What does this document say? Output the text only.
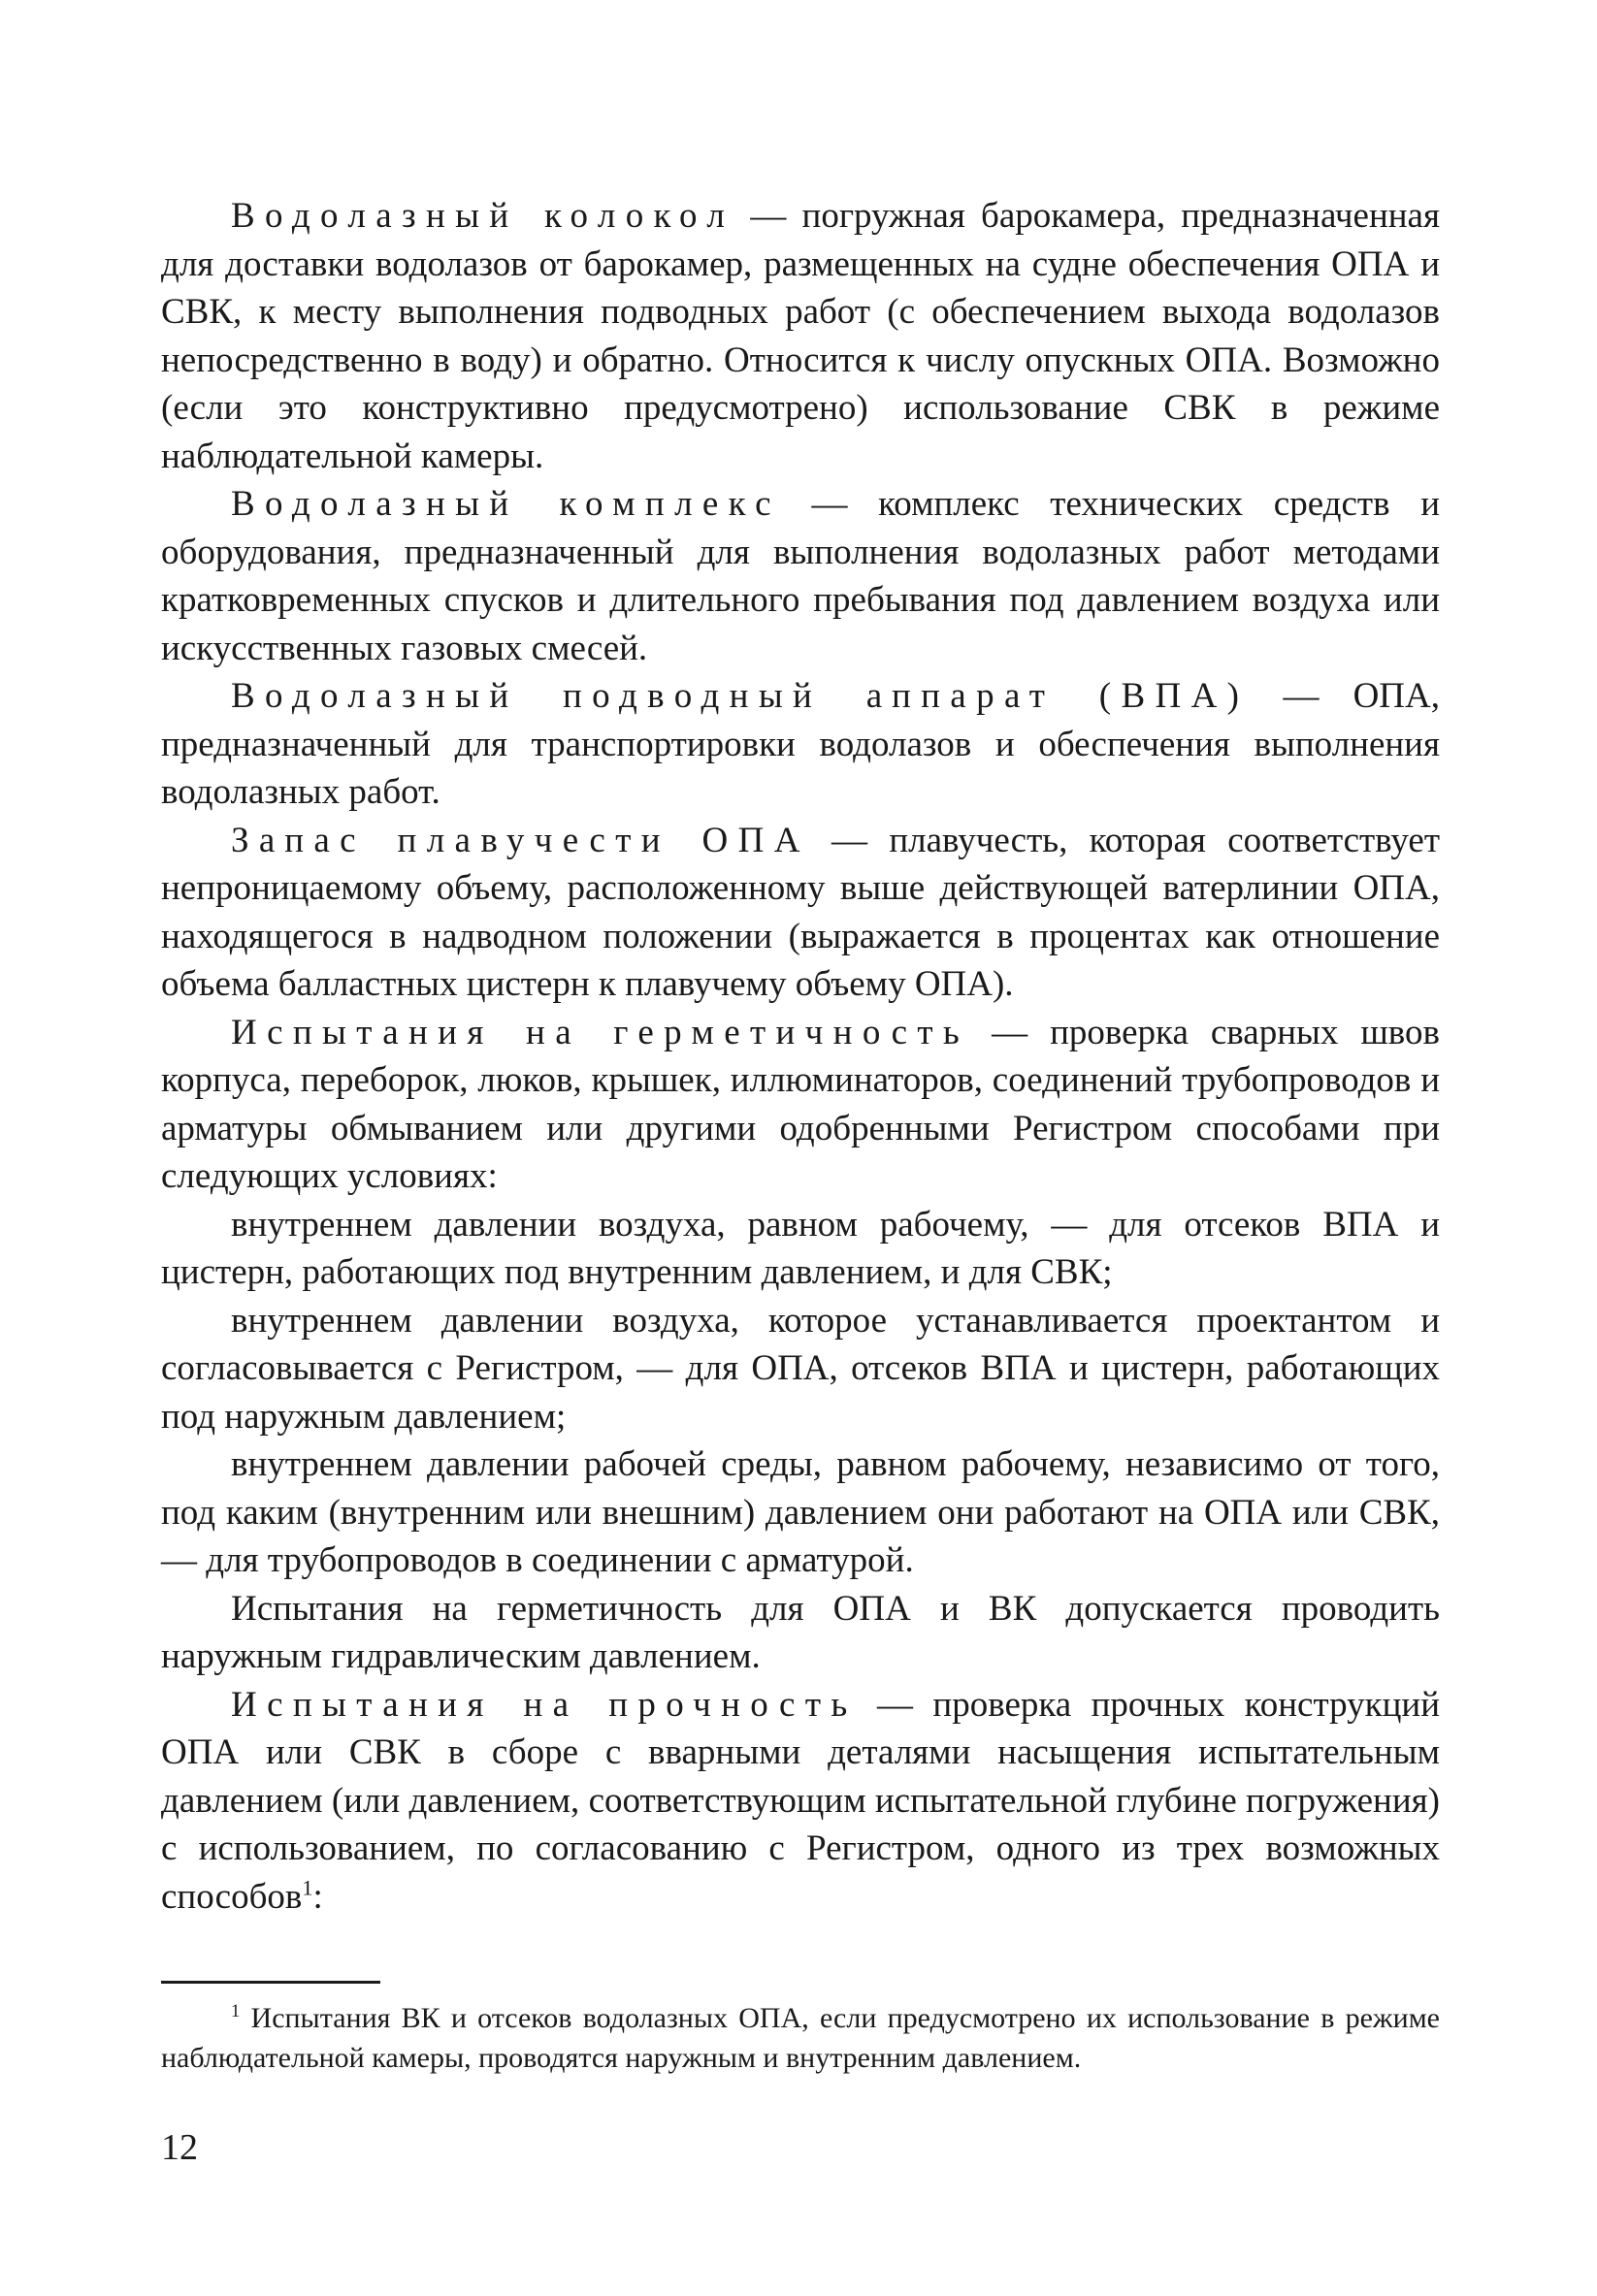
Водолазный колокол — погружная барокамера, предназначенная для доставки водолазов от барокамер, размещенных на судне обеспечения ОПА и СВК, к месту выполнения подводных работ (с обеспечением выхода водолазов непосредственно в воду) и обратно. Относится к числу опускных ОПА. Возможно (если это конструктивно предусмотрено) использование СВК в режиме наблюдательной камеры.

Водолазный комплекс — комплекс технических средств и оборудования, предназначенный для выполнения водолазных работ методами кратковременных спусков и длительного пребывания под давлением воздуха или искусственных газовых смесей.

Водолазный подводный аппарат (ВПА) — ОПА, предназначенный для транспортировки водолазов и обеспечения выполнения водолазных работ.

Запас плавучести ОПА — плавучесть, которая соответствует непроницаемому объему, расположенному выше действующей ватерлинии ОПА, находящегося в надводном положении (выражается в процентах как отношение объема балластных цистерн к плавучему объему ОПА).

Испытания на герметичность — проверка сварных швов корпуса, переборок, люков, крышек, иллюминаторов, соединений трубопроводов и арматуры обмыванием или другими одобренными Регистром способами при следующих условиях:

внутреннем давлении воздуха, равном рабочему, — для отсеков ВПА и цистерн, работающих под внутренним давлением, и для СВК;

внутреннем давлении воздуха, которое устанавливается проектантом и согласовывается с Регистром, — для ОПА, отсеков ВПА и цистерн, работающих под наружным давлением;

внутреннем давлении рабочей среды, равном рабочему, независимо от того, под каким (внутренним или внешним) давлением они работают на ОПА или СВК, — для трубопроводов в соединении с арматурой.

Испытания на герметичность для ОПА и ВК допускается проводить наружным гидравлическим давлением.

Испытания на прочность — проверка прочных конструкций ОПА или СВК в сборе с вварными деталями насыщения испытательным давлением (или давлением, соответствующим испытательной глубине погружения) с использованием, по согласованию с Регистром, одного из трех возможных способов$^1$:

$^1$ Испытания ВК и отсеков водолазных ОПА, если предусмотрено их использование в режиме наблюдательной камеры, проводятся наружным и внутренним давлением.

12
